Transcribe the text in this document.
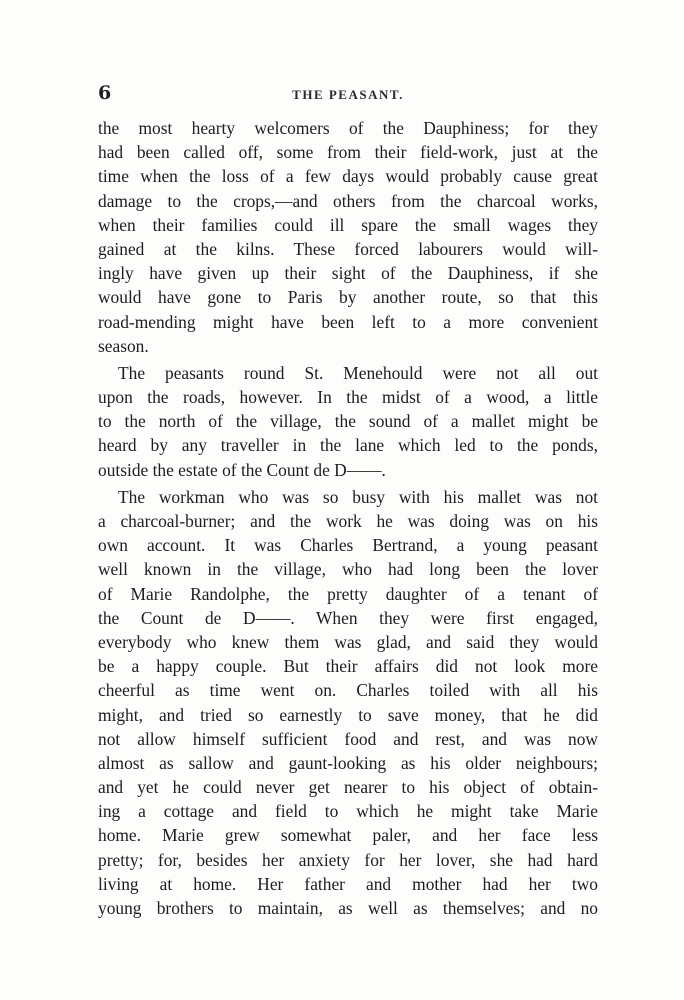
6	THE PEASANT.
the most hearty welcomers of the Dauphiness; for they
had been called off, some from their field-work, just at the
time when the loss of a few days would probably cause great
damage to the crops,—and others from the charcoal works,
when their families could ill spare the small wages they
gained at the kilns. These forced labourers would will-
ingly have given up their sight of the Dauphiness, if she
would have gone to Paris by another route, so that this
road-mending might have been left to a more convenient
season.
The peasants round St. Menehould were not all out
upon the roads, however. In the midst of a wood, a little
to the north of the village, the sound of a mallet might be
heard by any traveller in the lane which led to the ponds,
outside the estate of the Count de D——.
The workman who was so busy with his mallet was not
a charcoal-burner; and the work he was doing was on his
own account. It was Charles Bertrand, a young peasant
well known in the village, who had long been the lover
of Marie Randolphe, the pretty daughter of a tenant of
the Count de D——. When they were first engaged,
everybody who knew them was glad, and said they would
be a happy couple. But their affairs did not look more
cheerful as time went on. Charles toiled with all his
might, and tried so earnestly to save money, that he did
not allow himself sufficient food and rest, and was now
almost as sallow and gaunt-looking as his older neighbours;
and yet he could never get nearer to his object of obtain-
ing a cottage and field to which he might take Marie
home. Marie grew somewhat paler, and her face less
pretty; for, besides her anxiety for her lover, she had hard
living at home. Her father and mother had her two
young brothers to maintain, as well as themselves; and no
